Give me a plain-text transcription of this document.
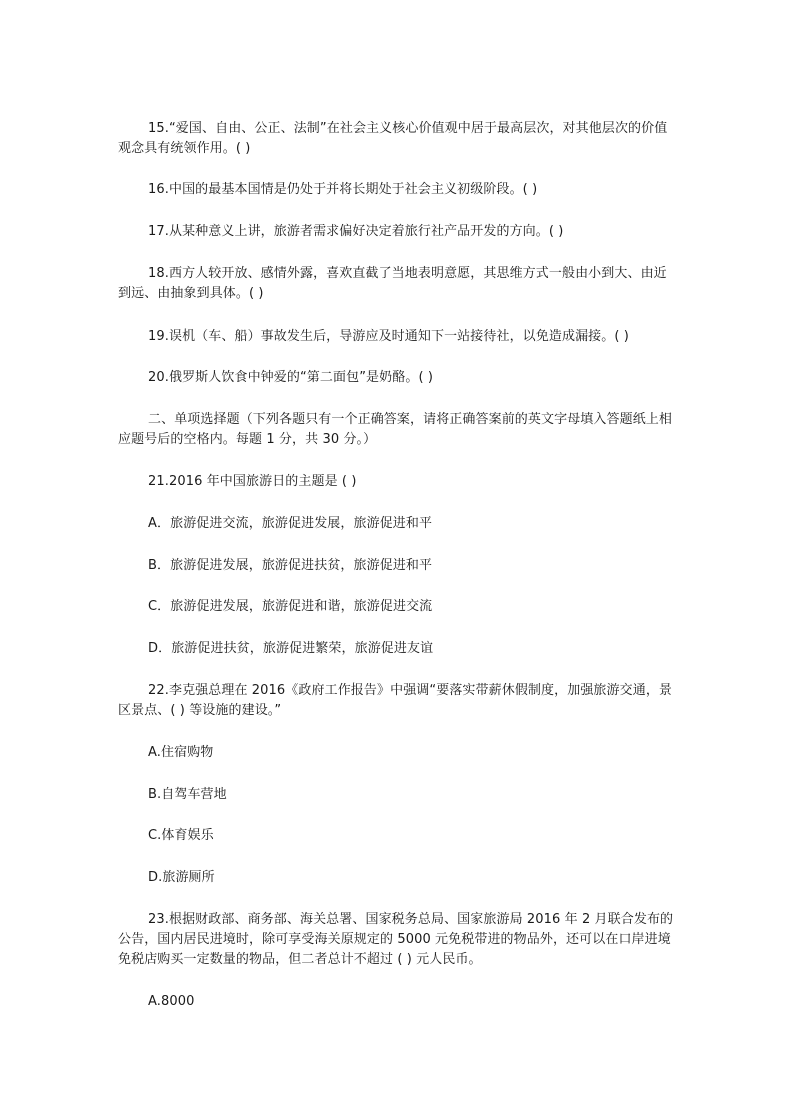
15.“爱国、自由、公正、法制”在社会主义核心价值观中居于最高层次，对其他层次的价值观念具有统领作用。( )
16.中国的最基本国情是仍处于并将长期处于社会主义初级阶段。( )
17.从某种意义上讲，旅游者需求偏好决定着旅行社产品开发的方向。( )
18.西方人较开放、感情外露，喜欢直截了当地表明意愿，其思维方式一般由小到大、由近到远、由抽象到具体。( )
19.误机（车、船）事故发生后，导游应及时通知下一站接待社，以免造成漏接。( )
20.俄罗斯人饮食中钟爱的“第二面包”是奶酪。( )
二、单项选择题（下列各题只有一个正确答案，请将正确答案前的英文字母填入答题纸上相应题号后的空格内。每题 1 分，共 30 分。）
21.2016 年中国旅游日的主题是 ( )
A．旅游促进交流，旅游促进发展，旅游促进和平
B．旅游促进发展，旅游促进扶贫，旅游促进和平
C．旅游促进发展，旅游促进和谐，旅游促进交流
D．旅游促进扶贫，旅游促进繁荣，旅游促进友谊
22.李克强总理在 2016《政府工作报告》中强调“要落实带薪休假制度，加强旅游交通，景区景点、( ) 等设施的建设。”
A.住宿购物
B.自驾车营地
C.体育娱乐
D.旅游厕所
23.根据财政部、商务部、海关总署、国家税务总局、国家旅游局 2016 年 2 月联合发布的公告，国内居民进境时，除可享受海关原规定的 5000 元免税带进的物品外，还可以在口岸进境免税店购买一定数量的物品，但二者总计不超过 ( ) 元人民币。
A.8000
